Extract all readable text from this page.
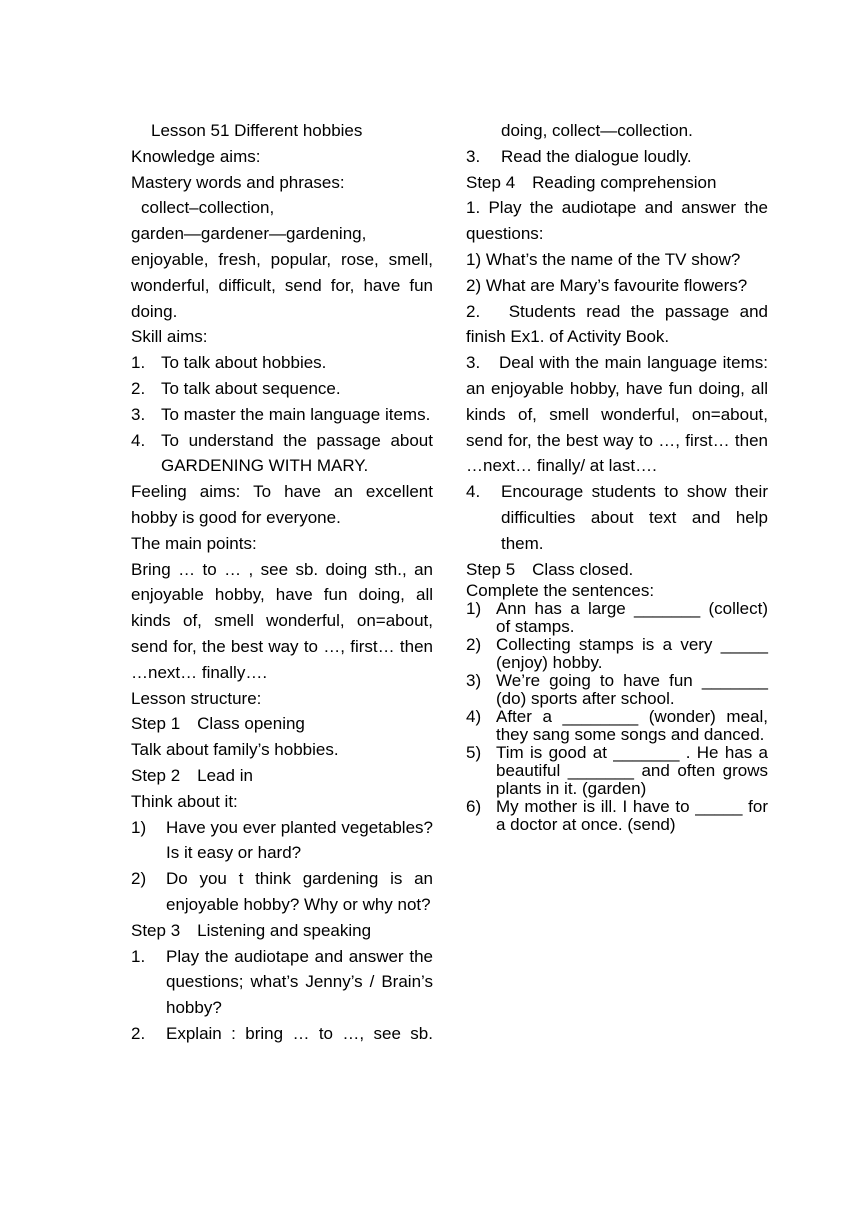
Lesson 51 Different hobbies

Knowledge aims:

Mastery words and phrases:

collect–collection,

garden—gardener—gardening,

enjoyable, fresh, popular, rose, smell, wonderful, difficult, send for, have fun doing.

Skill aims:

1. To talk about hobbies.
2. To talk about sequence.
3. To master the main language items.
4. To understand the passage about GARDENING WITH MARY.

Feeling aims: To have an excellent hobby is good for everyone.

The main points:

Bring … to … , see sb. doing sth., an enjoyable hobby, have fun doing, all kinds of, smell wonderful, on=about, send for, the best way to …, first… then …next… finally….

Lesson structure:

Step 1　Class opening

Talk about family’s hobbies.

Step 2　Lead in

Think about it:

1)	Have you ever planted vegetables?Is it easy or hard?
2)	Do you t think gardening is an enjoyable hobby? Why or why not?

Step 3　Listening and speaking

1.	Play the audiotape and answer the questions; what’s Jenny’s / Brain’s hobby?
2.	Explain : bring … to …, see sb.

doing, collect—collection.

3.	Read the dialogue loudly.

Step 4　Reading comprehension

1. Play the audiotape and answer the questions:

1) What’s the name of the TV show?

2) What are Mary’s favourite flowers?

2.　Students read the passage and finish Ex1. of Activity Book.

3.　Deal with the main language items: an enjoyable hobby, have fun doing, all kinds of, smell wonderful, on=about, send for, the best way to …, first… then …next… finally/ at last….

4.	Encourage students to show their difficulties about text and help them.

Step 5　Class closed.

Complete the sentences:

1) Ann has a large _______ (collect) of stamps.
2) Collecting stamps is a very _____ (enjoy) hobby.
3) We’re going to have fun _______ (do) sports after school.
4) After a ________ (wonder) meal, they sang some songs and danced.
5) Tim is good at _______ . He has a beautiful _______ and often grows plants in it. (garden)
6) My mother is ill. I have to _____ for a doctor at once. (send)
